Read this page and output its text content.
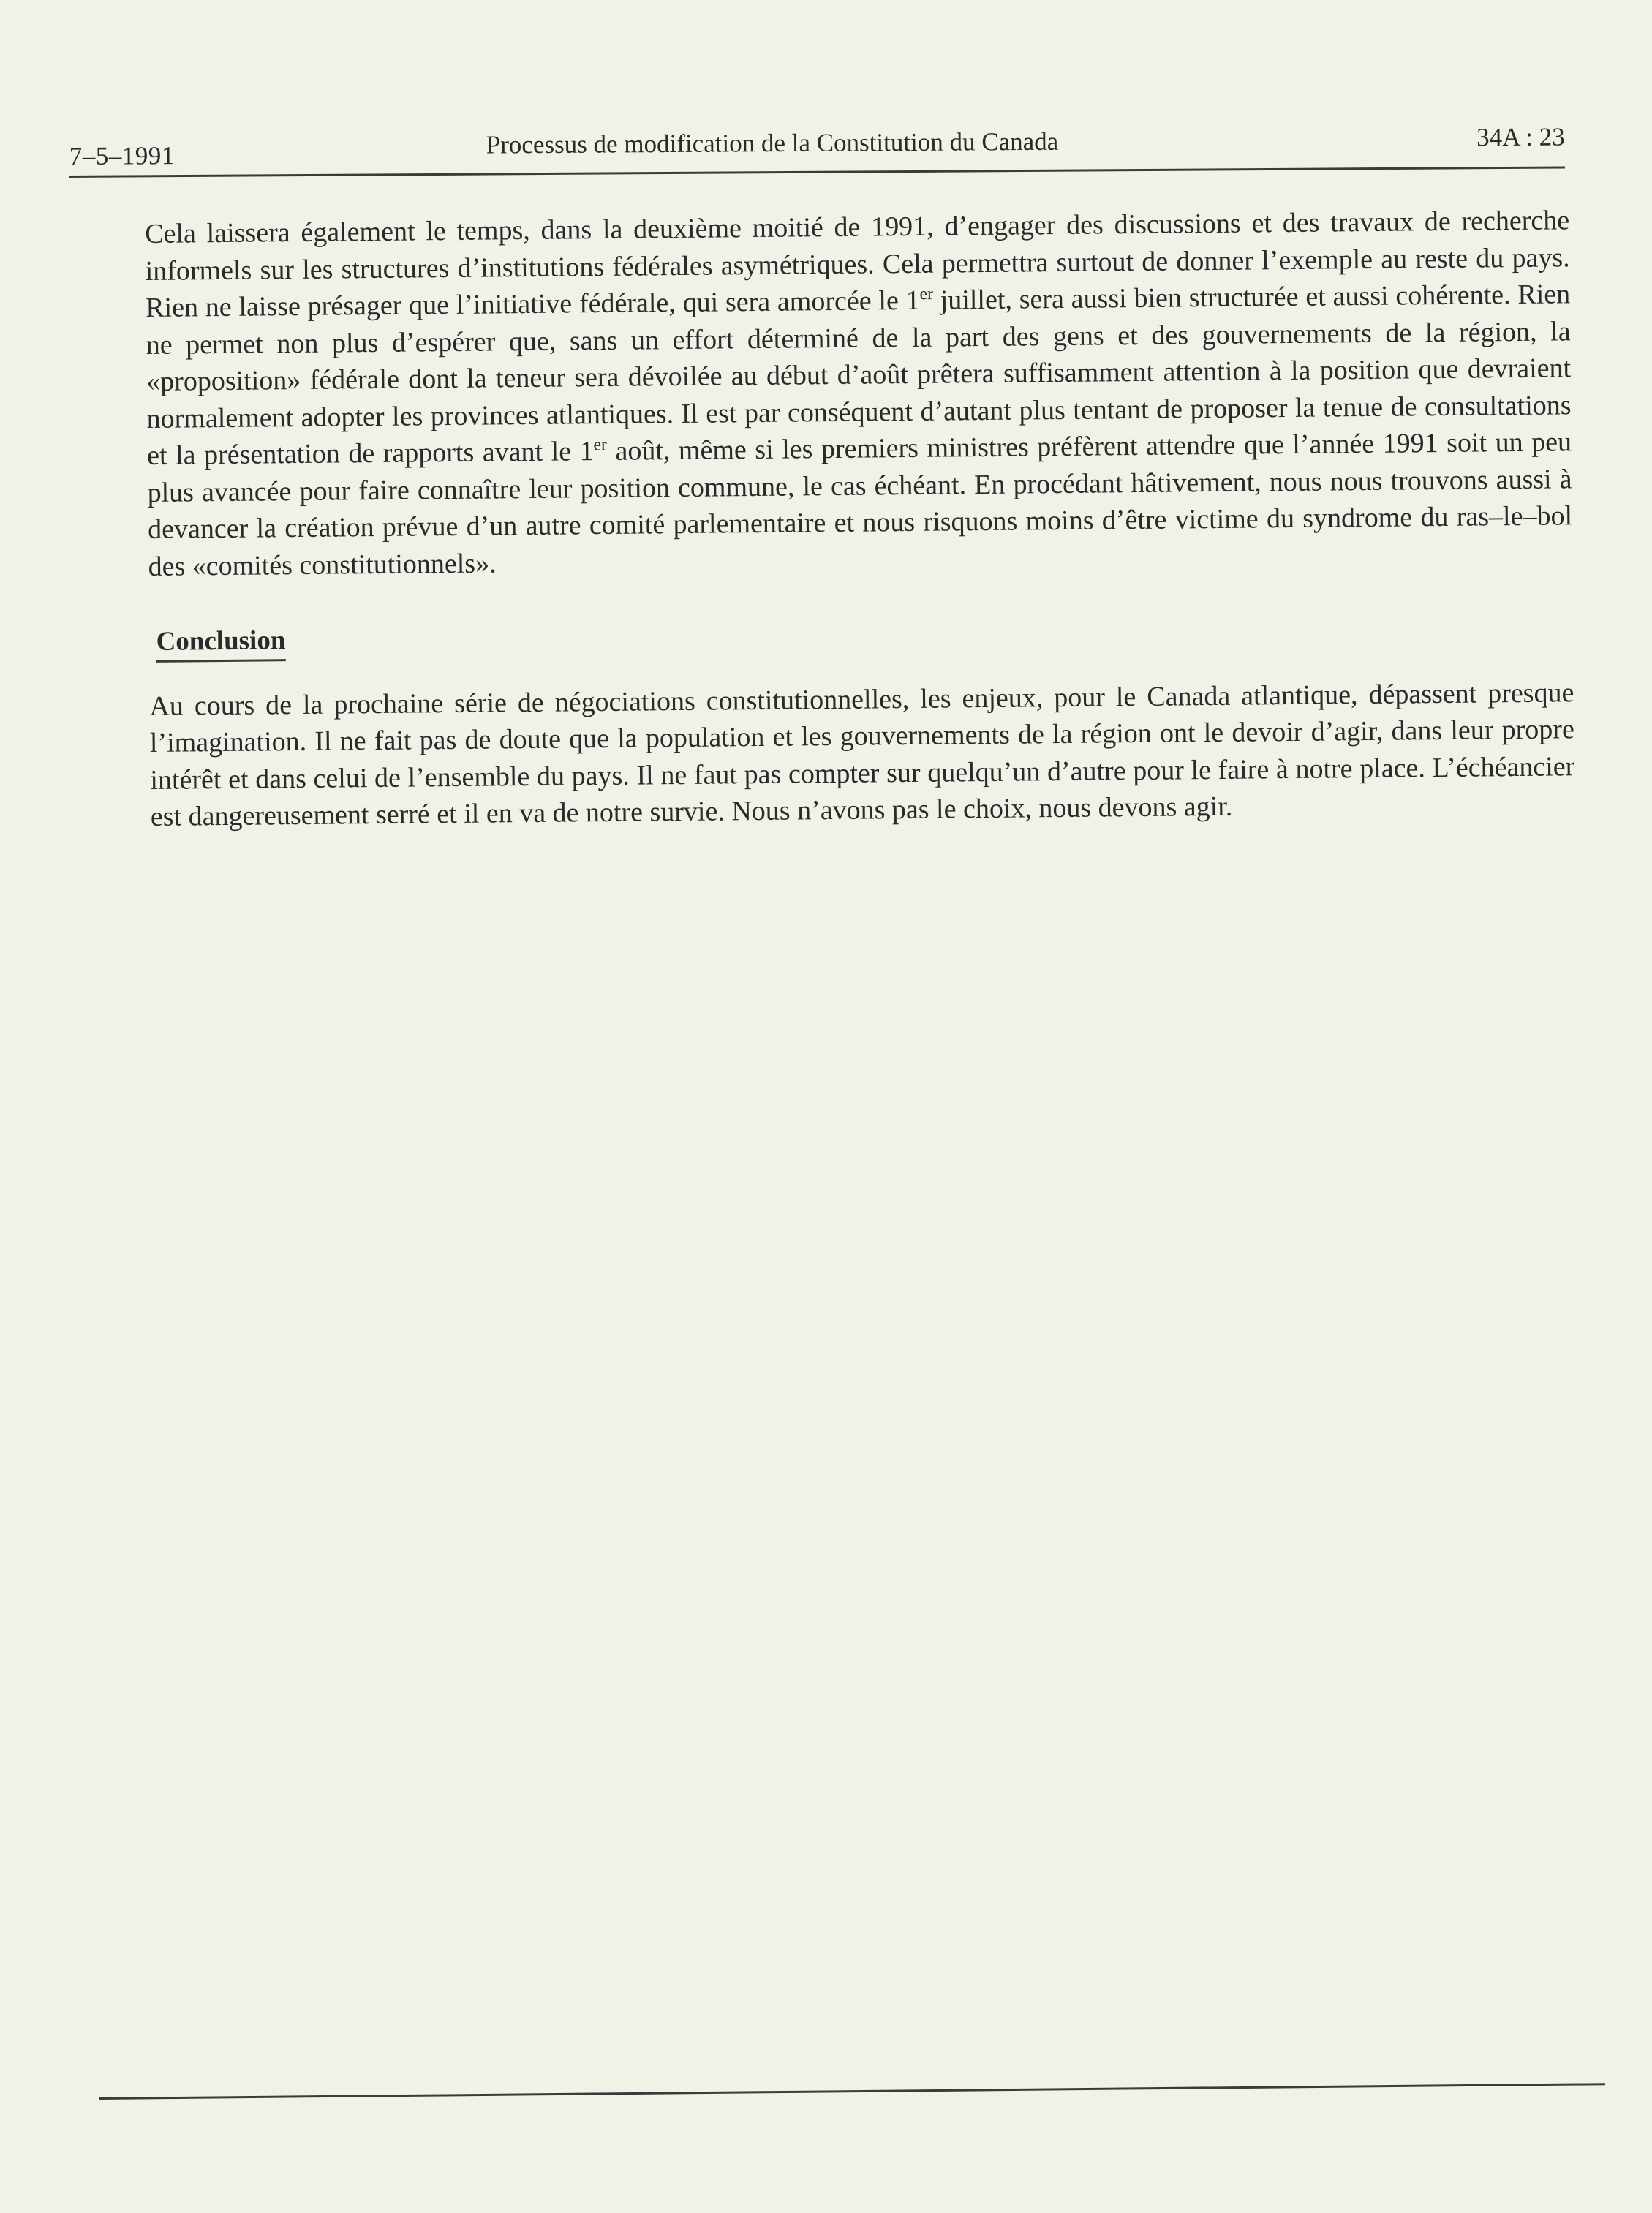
7–5–1991	Processus de modification de la Constitution du Canada	34A : 23

Cela laissera également le temps, dans la deuxième moitié de 1991, d’engager des discussions et des travaux de recherche informels sur les structures d’institutions fédérales asymétriques. Cela permettra surtout de donner l’exemple au reste du pays. Rien ne laisse présager que l’initiative fédérale, qui sera amorcée le 1er juillet, sera aussi bien structurée et aussi cohérente. Rien ne permet non plus d’espérer que, sans un effort déterminé de la part des gens et des gouvernements de la région, la «proposition» fédérale dont la teneur sera dévoilée au début d’août prêtera suffisamment attention à la position que devraient normalement adopter les provinces atlantiques. Il est par conséquent d’autant plus tentant de proposer la tenue de consultations et la présentation de rapports avant le 1er août, même si les premiers ministres préfèrent attendre que l’année 1991 soit un peu plus avancée pour faire connaître leur position commune, le cas échéant. En procédant hâtivement, nous nous trouvons aussi à devancer la création prévue d’un autre comité parlementaire et nous risquons moins d’être victime du syndrome du ras–le–bol des «comités constitutionnels».

Conclusion

Au cours de la prochaine série de négociations constitutionnelles, les enjeux, pour le Canada atlantique, dépassent presque l’imagination. Il ne fait pas de doute que la population et les gouvernements de la région ont le devoir d’agir, dans leur propre intérêt et dans celui de l’ensemble du pays. Il ne faut pas compter sur quelqu’un d’autre pour le faire à notre place. L’échéancier est dangereusement serré et il en va de notre survie. Nous n’avons pas le choix, nous devons agir.
